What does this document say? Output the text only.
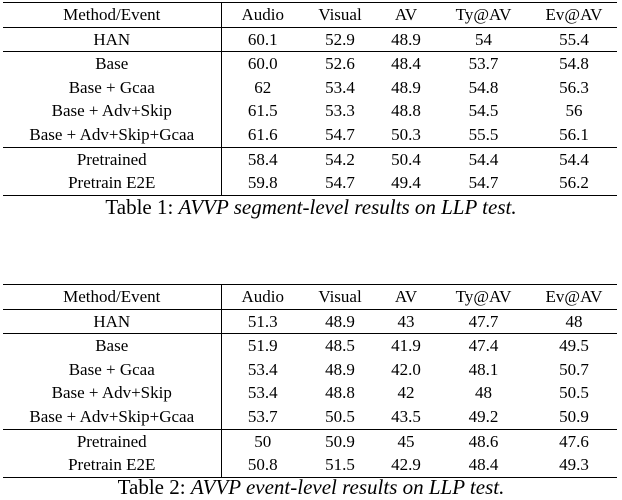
Method/Event	Audio	Visual	AV	Ty@AV	Ev@AV
HAN	60.1	52.9	48.9	54	55.4
Base	60.0	52.6	48.4	53.7	54.8
Base + Gcaa	62	53.4	48.9	54.8	56.3
Base + Adv+Skip	61.5	53.3	48.8	54.5	56
Base + Adv+Skip+Gcaa	61.6	54.7	50.3	55.5	56.1
Pretrained	58.4	54.2	50.4	54.4	54.4
Pretrain E2E	59.8	54.7	49.4	54.7	56.2
Table 1: AVVP segment-level results on LLP test.
Method/Event	Audio	Visual	AV	Ty@AV	Ev@AV
HAN	51.3	48.9	43	47.7	48
Base	51.9	48.5	41.9	47.4	49.5
Base + Gcaa	53.4	48.9	42.0	48.1	50.7
Base + Adv+Skip	53.4	48.8	42	48	50.5
Base + Adv+Skip+Gcaa	53.7	50.5	43.5	49.2	50.9
Pretrained	50	50.9	45	48.6	47.6
Pretrain E2E	50.8	51.5	42.9	48.4	49.3
Table 2: AVVP event-level results on LLP test.
